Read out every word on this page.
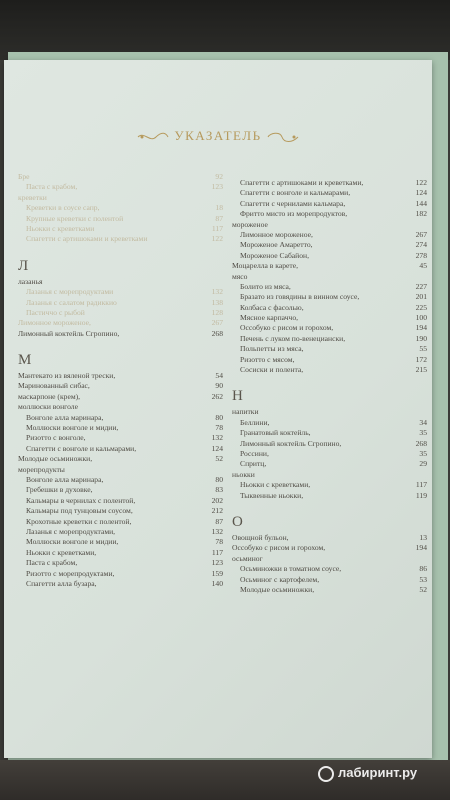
УКАЗАТЕЛЬ
Бре	92
Паста с крабом,	123
креветки
Креветки в соусе сапр,	18
Крупные креветки с полентой	87
Ньокки с креветками	117
Спагетти с артишоками и креветками	122
Л
лазанья
Лазанья с морепродуктами	132
Лазанья с салатом радиккио	138
Пастиччо с рыбой	128
Лимонное мороженое,	267
Лимонный коктейль Сгропино,	268
М
Мантекато из вяленой трески,	54
Маринованный сибас,	90
маскарпоне (крем),	262
моллюски вонголе
Вонголе алла маринара,	80
Моллюски вонголе и мидии,	78
Ризотто с вонголе,	132
Спагетти с вонголе и кальмарами,	124
Молодые осьминожки,	52
морепродукты
Вонголе алла маринара,	80
Гребешки в духовке,	83
Кальмары в чернилах с полентой,	202
Кальмары под тунцовым соусом,	212
Крохотные креветки с полентой,	87
Лазанья с морепродуктами,	132
Моллюски вонголе и мидии,	78
Ньокки с креветками,	117
Паста с крабом,	123
Ризотто с морепродуктами,	159
Спагетти алла бузара,	140
Спагетти с артишоками и креветками,	122
Спагетти с вонголе и кальмарами,	124
Спагетти с чернилами кальмара,	144
Фритто мисто из морепродуктов,	182
мороженое
Лимонное мороженое,	267
Мороженое Амаретто,	274
Мороженое Сабайон,	278
Моцарелла в карете,	45
мясо
Болито из мяса,	227
Бразато из говядины в винном соусе,	201
Колбаса с фасолью,	225
Мясное карпаччо,	100
Оссобуко с рисом и горохом,	194
Печень с луком по-венециански,	190
Польпетты из мяса,	55
Ризотто с мясом,	172
Сосиски и полента,	215
Н
напитки
Беллини,	34
Гранатовый коктейль,	35
Лимонный коктейль Сгропино,	268
Россини,	35
Спритц,	29
ньокки
Ньокки с креветками,	117
Тыквенные ньокки,	119
О
Овощной бульон,	13
Оссобуко с рисом и горохом,	194
осьминог
Осьминожки в томатном соусе,	86
Осьминог с картофелем,	53
Молодые осьминожки,	52
лабиринт.ру
